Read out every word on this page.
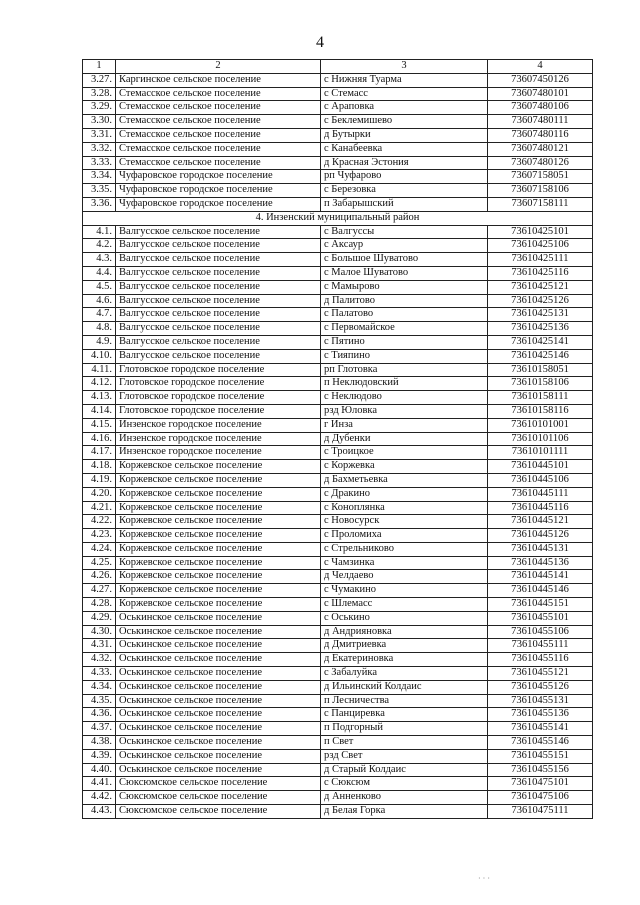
4
1	2	3	4
3.27.	Каргинское сельское поселение	с Нижняя Туарма	73607450126
3.28.	Стемасское сельское поселение	с Стемасс	73607480101
3.29.	Стемасское сельское поселение	с Араповка	73607480106
3.30.	Стемасское сельское поселение	с Беклемишево	73607480111
3.31.	Стемасское сельское поселение	д Бутырки	73607480116
3.32.	Стемасское сельское поселение	с Канабеевка	73607480121
3.33.	Стемасское сельское поселение	д Красная Эстония	73607480126
3.34.	Чуфаровское городское поселение	рп Чуфарово	73607158051
3.35.	Чуфаровское городское поселение	с Березовка	73607158106
3.36.	Чуфаровское городское поселение	п Забарышский	73607158111
4. Инзенский муниципальный район			
4.1.	Валгусское сельское поселение	с Валгуссы	73610425101
4.2.	Валгусское сельское поселение	с Аксаур	73610425106
4.3.	Валгусское сельское поселение	с Большое Шуватово	73610425111
4.4.	Валгусское сельское поселение	с Малое Шуватово	73610425116
4.5.	Валгусское сельское поселение	с Мамырово	73610425121
4.6.	Валгусское сельское поселение	д Палитово	73610425126
4.7.	Валгусское сельское поселение	с Палатово	73610425131
4.8.	Валгусское сельское поселение	с Первомайское	73610425136
4.9.	Валгусское сельское поселение	с Пятино	73610425141
4.10.	Валгусское сельское поселение	с Тияпино	73610425146
4.11.	Глотовское городское поселение	рп Глотовка	73610158051
4.12.	Глотовское городское поселение	п Неклюдовский	73610158106
4.13.	Глотовское городское поселение	с Неклюдово	73610158111
4.14.	Глотовское городское поселение	рзд Юловка	73610158116
4.15.	Инзенское городское поселение	г Инза	73610101001
4.16.	Инзенское городское поселение	д Дубенки	73610101106
4.17.	Инзенское городское поселение	с Троицкое	73610101111
4.18.	Коржевское сельское поселение	с Коржевка	73610445101
4.19.	Коржевское сельское поселение	д Бахметьевка	73610445106
4.20.	Коржевское сельское поселение	с Дракино	73610445111
4.21.	Коржевское сельское поселение	с Коноплянка	73610445116
4.22.	Коржевское сельское поселение	с Новосурск	73610445121
4.23.	Коржевское сельское поселение	с Проломиха	73610445126
4.24.	Коржевское сельское поселение	с Стрельниково	73610445131
4.25.	Коржевское сельское поселение	с Чамзинка	73610445136
4.26.	Коржевское сельское поселение	д Челдаево	73610445141
4.27.	Коржевское сельское поселение	с Чумакино	73610445146
4.28.	Коржевское сельское поселение	с Шлемасс	73610445151
4.29.	Оськинское сельское поселение	с Оськино	73610455101
4.30.	Оськинское сельское поселение	д Андрияновка	73610455106
4.31.	Оськинское сельское поселение	д Дмитриевка	73610455111
4.32.	Оськинское сельское поселение	д Екатериновка	73610455116
4.33.	Оськинское сельское поселение	с Забалуйка	73610455121
4.34.	Оськинское сельское поселение	д Ильинский Колдаис	73610455126
4.35.	Оськинское сельское поселение	п Лесничества	73610455131
4.36.	Оськинское сельское поселение	с Панциревка	73610455136
4.37.	Оськинское сельское поселение	п Подгорный	73610455141
4.38.	Оськинское сельское поселение	п Свет	73610455146
4.39.	Оськинское сельское поселение	рзд Свет	73610455151
4.40.	Оськинское сельское поселение	д Старый Колдаис	73610455156
4.41.	Сюксюмское сельское поселение	с Сюксюм	73610475101
4.42.	Сюксюмское сельское поселение	д Анненково	73610475106
4.43.	Сюксюмское сельское поселение	д Белая Горка	73610475111
· · ·
